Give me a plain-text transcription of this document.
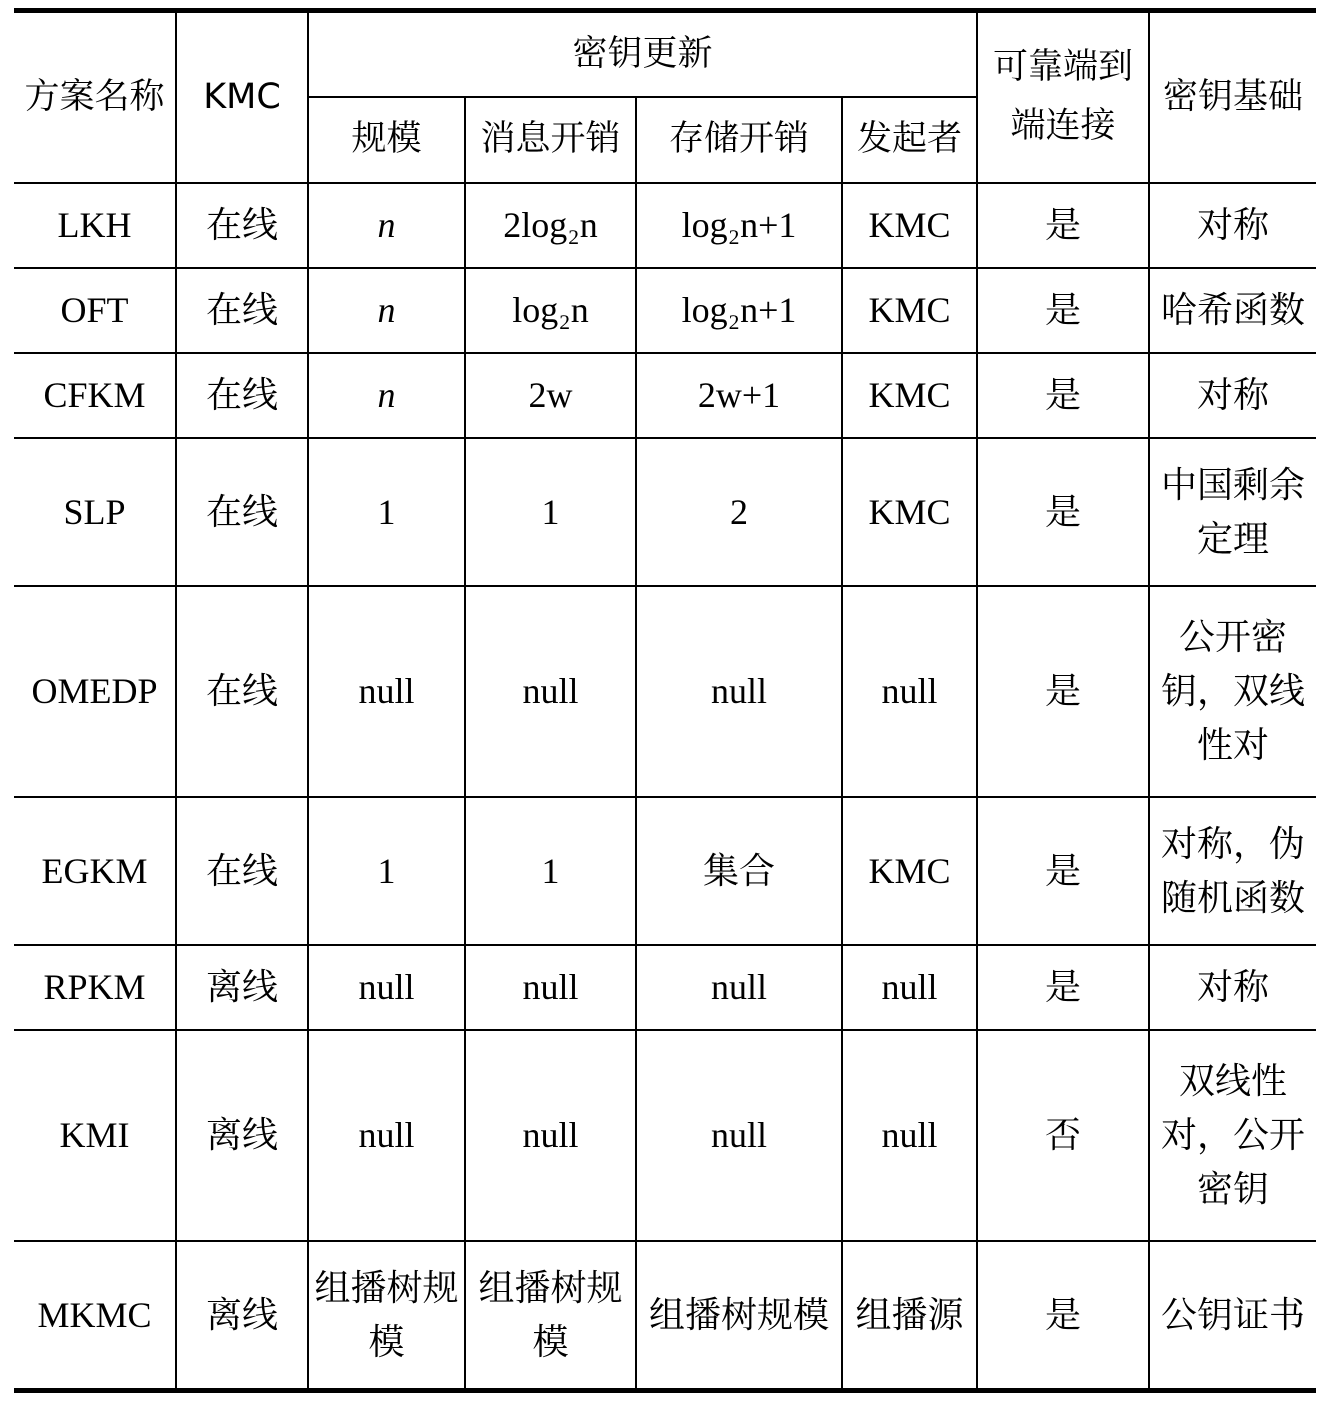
方案名称	KMC	密钥更新				可靠端到端连接	密钥基础
		规模	消息开销	存储开销	发起者		
LKH	在线	n	2log₂n	log₂n+1	KMC	是	对称
OFT	在线	n	log₂n	log₂n+1	KMC	是	哈希函数
CFKM	在线	n	2w	2w+1	KMC	是	对称
SLP	在线	1	1	2	KMC	是	中国剩余定理
OMEDP	在线	null	null	null	null	是	公开密钥，双线性对
EGKM	在线	1	1	集合	KMC	是	对称，伪随机函数
RPKM	离线	null	null	null	null	是	对称
KMI	离线	null	null	null	null	否	双线性对，公开密钥
MKMC	离线	组播树规模	组播树规模	组播树规模	组播源	是	公钥证书
